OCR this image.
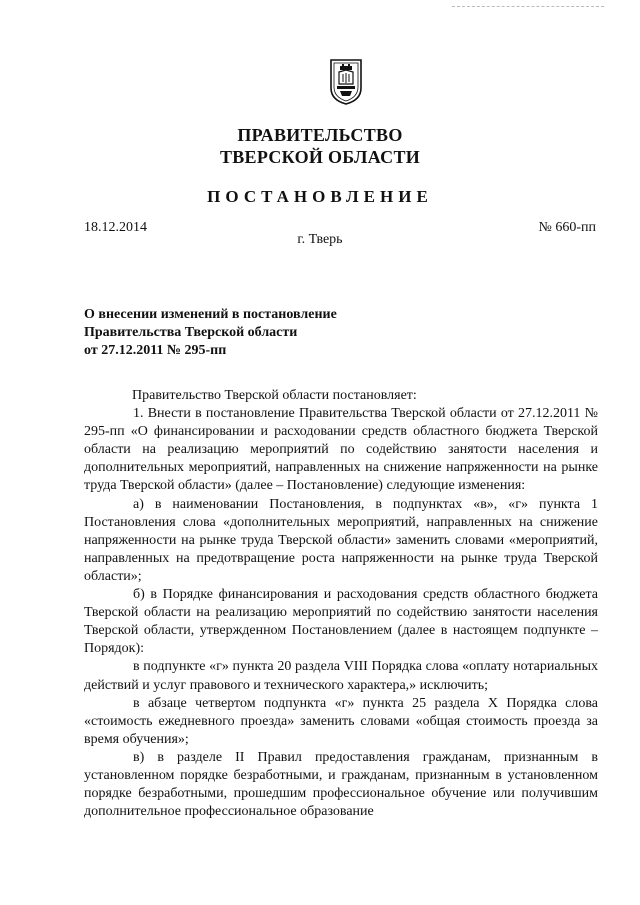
ПРАВИТЕЛЬСТВО
ТВЕРСКОЙ ОБЛАСТИ
ПОСТАНОВЛЕНИЕ
18.12.2014	№ 660-пп
г. Тверь
О внесении изменений в постановление
Правительства Тверской области
от 27.12.2011 № 295-пп

Правительство Тверской области постановляет:

1. Внести в постановление Правительства Тверской области от 27.12.2011 № 295-пп «О финансировании и расходовании средств областного бюджета Тверской области на реализацию мероприятий по содействию занятости населения и дополнительных мероприятий, направленных на снижение напряженности на рынке труда Тверской области» (далее – Постановление) следующие изменения:

а) в наименовании Постановления, в подпунктах «в», «г» пункта 1 Постановления слова «дополнительных мероприятий, направленных на снижение напряженности на рынке труда Тверской области» заменить словами «мероприятий, направленных на предотвращение роста напряженности на рынке труда Тверской области»;

б) в Порядке финансирования и расходования средств областного бюджета Тверской области на реализацию мероприятий по содействию занятости населения Тверской области, утвержденном Постановлением (далее в настоящем подпункте – Порядок):

в подпункте «г» пункта 20 раздела VIII Порядка слова «оплату нотариальных действий и услуг правового и технического характера,» исключить;

в абзаце четвертом подпункта «г» пункта 25 раздела X Порядка слова «стоимость ежедневного проезда» заменить словами «общая стоимость проезда за время обучения»;

в) в разделе II Правил предоставления гражданам, признанным в установленном порядке безработными, и гражданам, признанным в установленном порядке безработными, прошедшим профессиональное обучение или получившим дополнительное профессиональное образование
